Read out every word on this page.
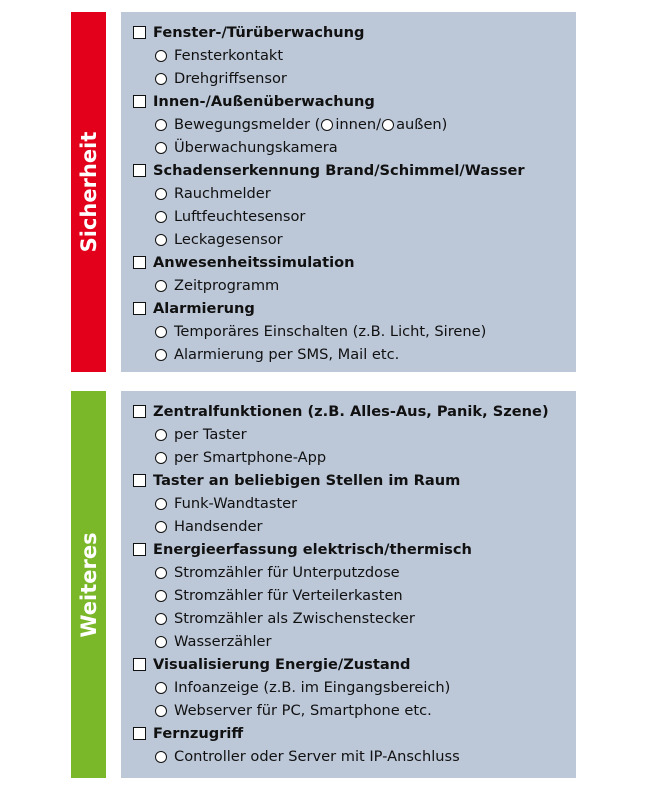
Sicherheit
Fenster-/Türüberwachung
Fensterkontakt
Drehgriffsensor
Innen-/Außenüberwachung
Bewegungsmelder ( innen/ außen)
Überwachungskamera
Schadenserkennung Brand/Schimmel/Wasser
Rauchmelder
Luftfeuchtesensor
Leckagesensor
Anwesenheitssimulation
Zeitprogramm
Alarmierung
Temporäres Einschalten (z.B. Licht, Sirene)
Alarmierung per SMS, Mail etc.
Weiteres
Zentralfunktionen (z.B. Alles-Aus, Panik, Szene)
per Taster
per Smartphone-App
Taster an beliebigen Stellen im Raum
Funk-Wandtaster
Handsender
Energieerfassung elektrisch/thermisch
Stromzähler für Unterputzdose
Stromzähler für Verteilerkasten
Stromzähler als Zwischenstecker
Wasserzähler
Visualisierung Energie/Zustand
Infoanzeige (z.B. im Eingangsbereich)
Webserver für PC, Smartphone etc.
Fernzugriff
Controller oder Server mit IP-Anschluss
